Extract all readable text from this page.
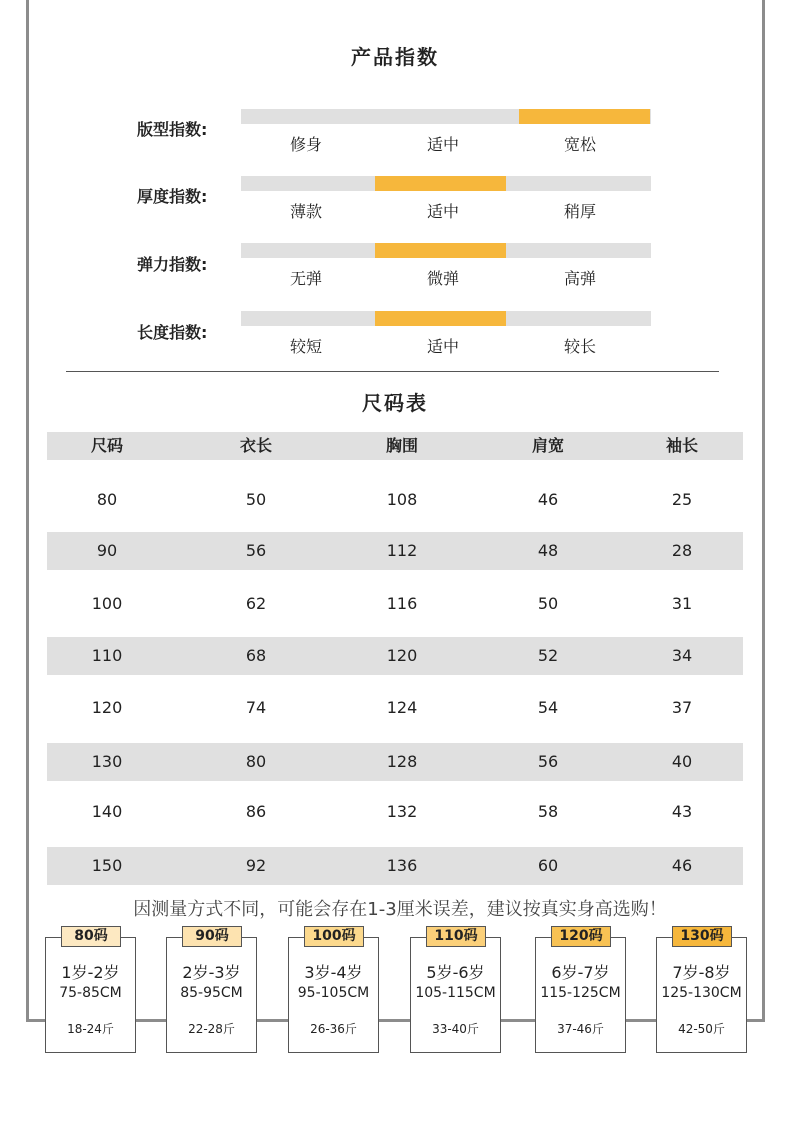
产品指数
版型指数:
修身	适中	宽松
厚度指数:
薄款	适中	稍厚
弹力指数:
无弹	微弹	高弹
长度指数:
较短	适中	较长
尺码表
尺码	衣长	胸围	肩宽	袖长
80	50	108	46	25
90	56	112	48	28
100	62	116	50	31
110	68	120	52	34
120	74	124	54	37
130	80	128	56	40
140	86	132	58	43
150	92	136	60	46
因测量方式不同，可能会存在1-3厘米误差，建议按真实身高选购！
80码
1岁-2岁
75-85CM
18-24斤
90码
2岁-3岁
85-95CM
22-28斤
100码
3岁-4岁
95-105CM
26-36斤
110码
5岁-6岁
105-115CM
33-40斤
120码
6岁-7岁
115-125CM
37-46斤
130码
7岁-8岁
125-130CM
42-50斤
